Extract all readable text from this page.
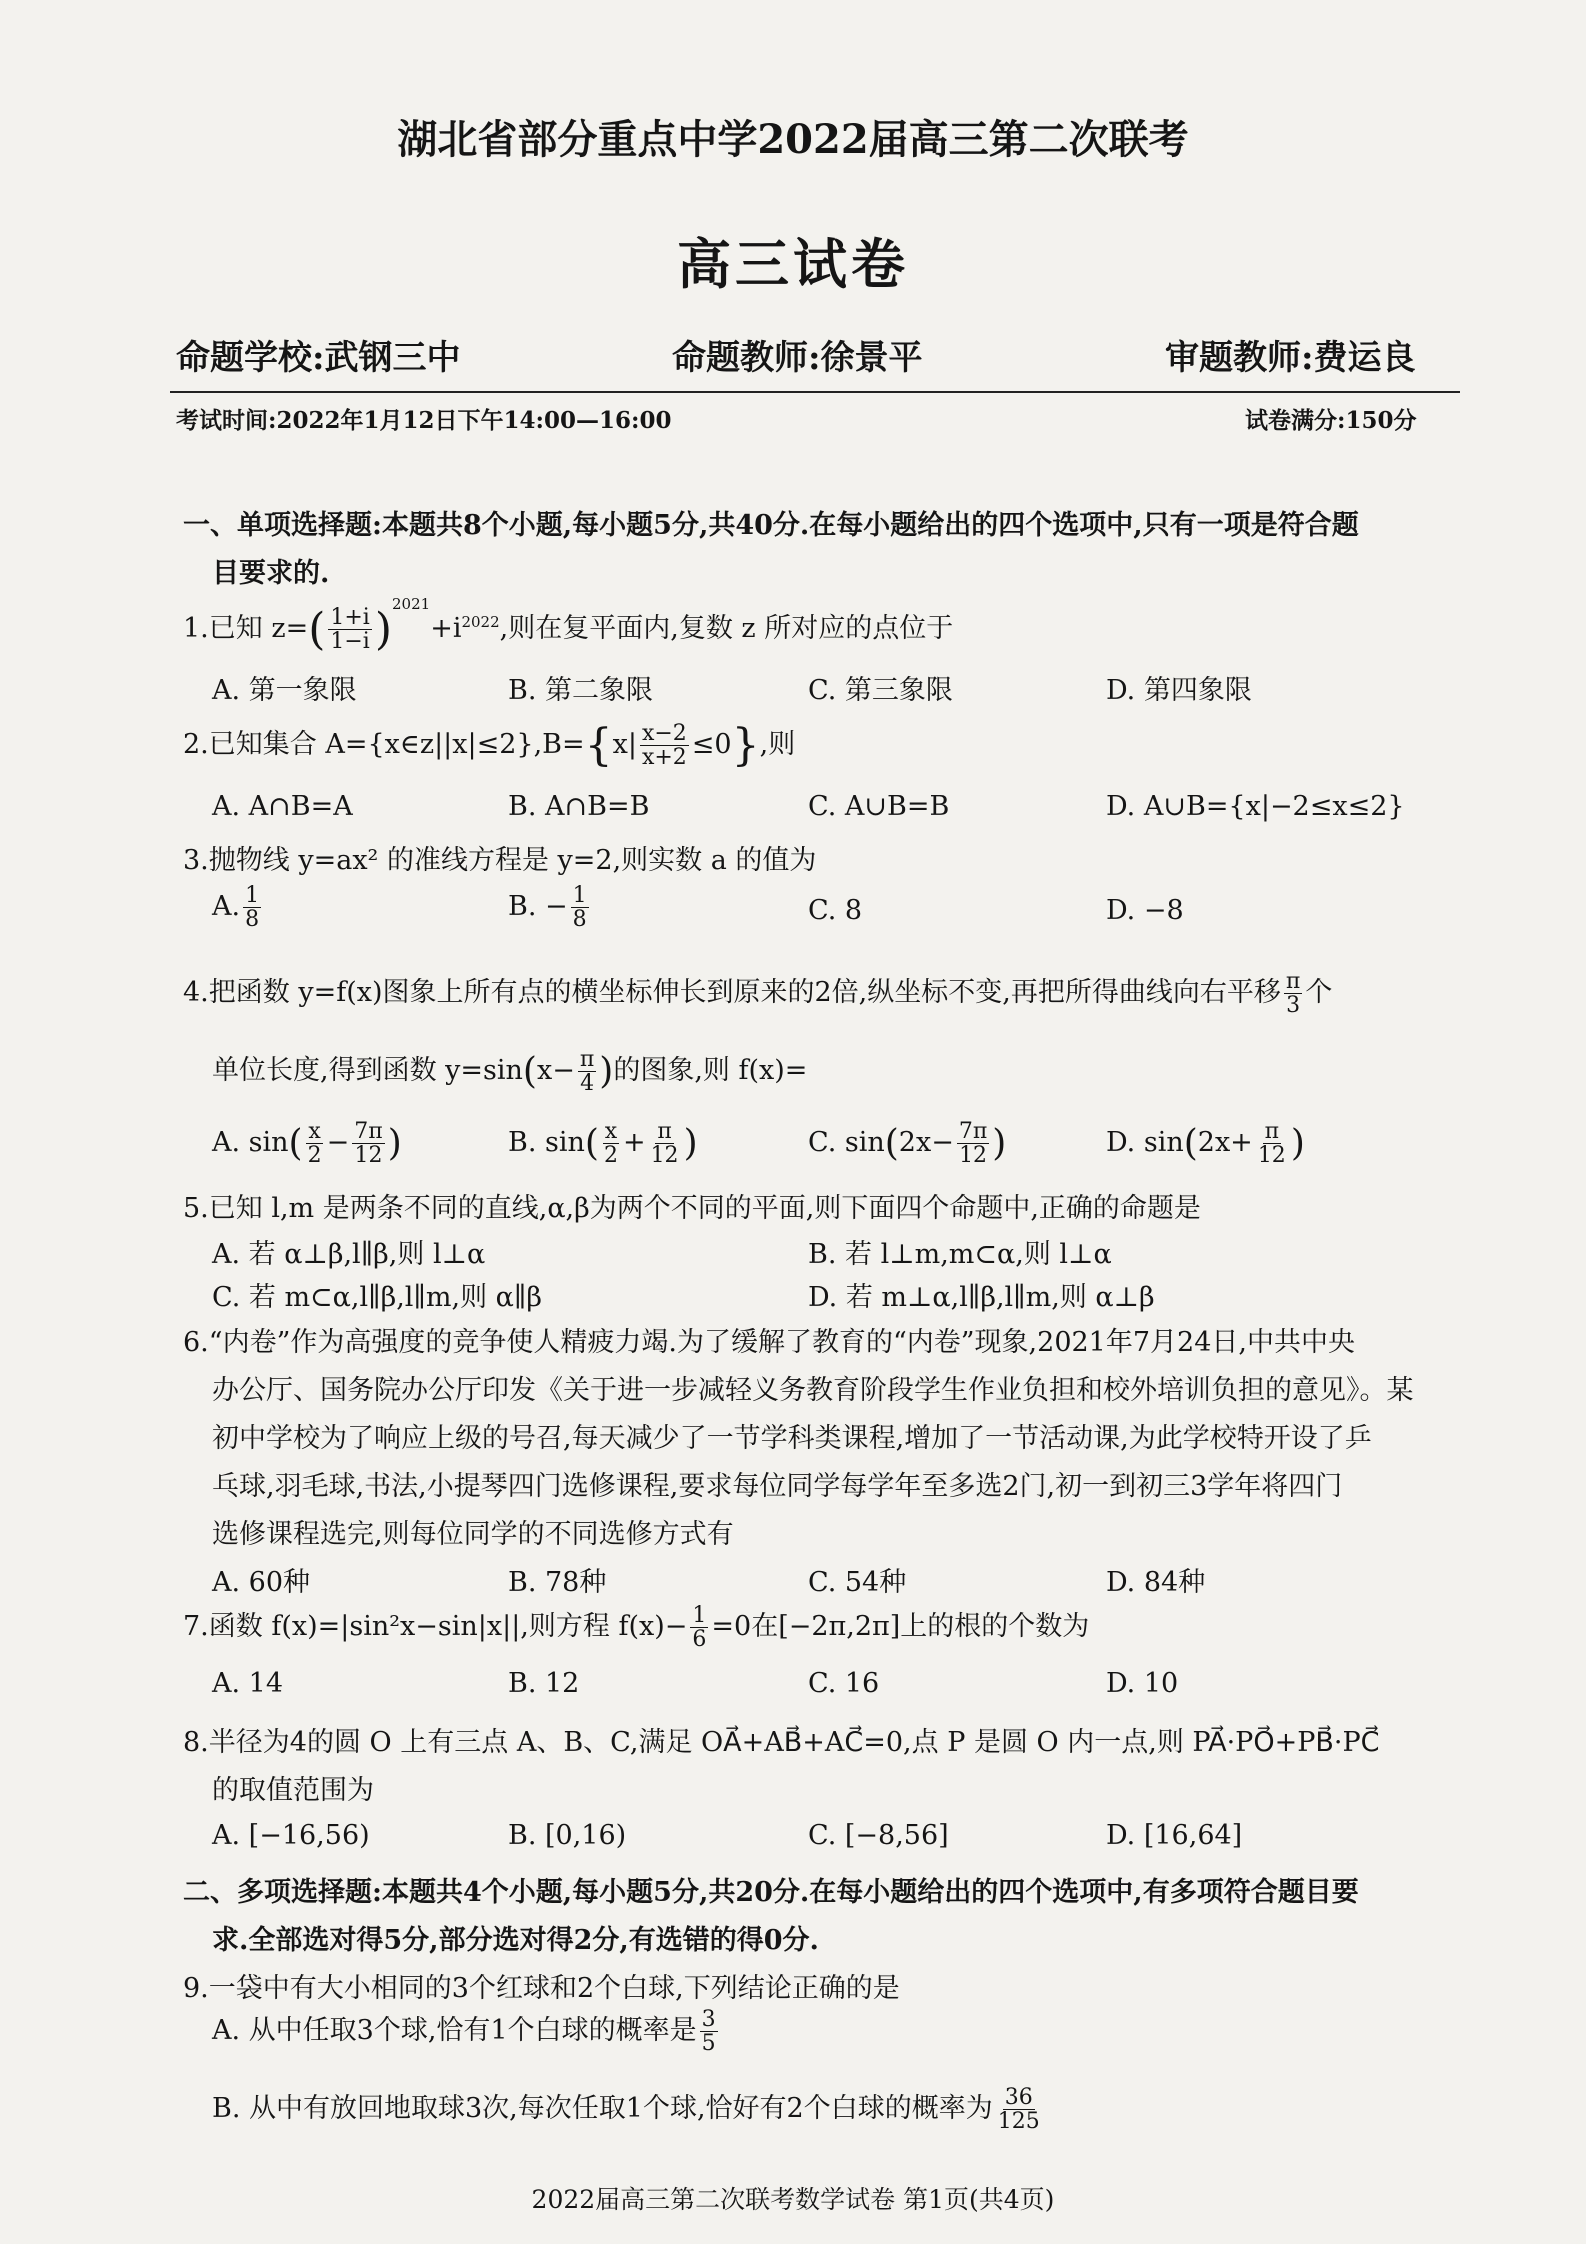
湖北省部分重点中学2022届高三第二次联考
高三试卷
命题学校:武钢三中	命题教师:徐景平	审题教师:费运良
考试时间:2022年1月12日下午14:00—16:00	试卷满分:150分
一、单项选择题:本题共8个小题,每小题5分,共40分.在每小题给出的四个选项中,只有一项是符合题
目要求的.
1.已知 $z=( \frac{1+i}{1-i} )^{2021}+i^{2022}$,则在复平面内,复数 z 所对应的点位于
A. 第一象限	B. 第二象限	C. 第三象限	D. 第四象限
2.已知集合 A={x∈z||x|≤2},B={x| $\frac{x-2}{x+2} \le 0$},则
A. A∩B=A	B. A∩B=B	C. A∪B=B	D. A∪B={x|−2≤x≤2}
3.抛物线 y=ax² 的准线方程是 y=2,则实数 a 的值为
A. $\frac{1}{8}$	B. − $\frac{1}{8}$	C. 8	D. −8
4.把函数 y=f(x)图象上所有点的横坐标伸长到原来的2倍,纵坐标不变,再把所得曲线向右平移 $\frac{\pi}{3}$ 个
单位长度,得到函数 $y=\sin(x- \frac{\pi}{4}$ )的图象,则 f(x)=
A. $\sin( \frac{x}{2} - \frac{7\pi}{12}$ )	B. $\sin( \frac{x}{2} + \frac{\pi}{12}$ )	C. $\sin(2x- \frac{7\pi}{12}$ )	D. $\sin(2x+ \frac{\pi}{12}$ )
5.已知 l,m 是两条不同的直线,α,β为两个不同的平面,则下面四个命题中,正确的命题是
A. 若 α⊥β,l∥β,则 l⊥α	B. 若 l⊥m,m⊂α,则 l⊥α
C. 若 m⊂α,l∥β,l∥m,则 α∥β	D. 若 m⊥α,l∥β,l∥m,则 α⊥β
6.“内卷”作为高强度的竞争使人精疲力竭.为了缓解了教育的“内卷”现象,2021年7月24日,中共中央
办公厅、国务院办公厅印发《关于进一步减轻义务教育阶段学生作业负担和校外培训负担的意见》。某
初中学校为了响应上级的号召,每天减少了一节学科类课程,增加了一节活动课,为此学校特开设了乒
乓球,羽毛球,书法,小提琴四门选修课程,要求每位同学每学年至多选2门,初一到初三3学年将四门
选修课程选完,则每位同学的不同选修方式有
A. 60种	B. 78种	C. 54种	D. 84种
7.函数 f(x)=|sin²x−sin|x||,则方程 $f(x)- \frac{1}{6} =0$在[−2π,2π]上的根的个数为
A. 14	B. 12	C. 16	D. 10
8.半径为4的圆 O 上有三点 A、B、C,满足 OA⃗+AB⃗+AC⃗=0,点 P 是圆 O 内一点,则 PA⃗·PO⃗+PB⃗·PC⃗
的取值范围为
A. [−16,56)	B. [0,16)	C. [−8,56]	D. [16,64]
二、多项选择题:本题共4个小题,每小题5分,共20分.在每小题给出的四个选项中,有多项符合题目要
求.全部选对得5分,部分选对得2分,有选错的得0分.
9.一袋中有大小相同的3个红球和2个白球,下列结论正确的是
A. 从中任取3个球,恰有1个白球的概率是 $\frac{3}{5}$
B. 从中有放回地取球3次,每次任取1个球,恰好有2个白球的概率为 $\frac{36}{125}$
2022届高三第二次联考数学试卷 第1页(共4页)
